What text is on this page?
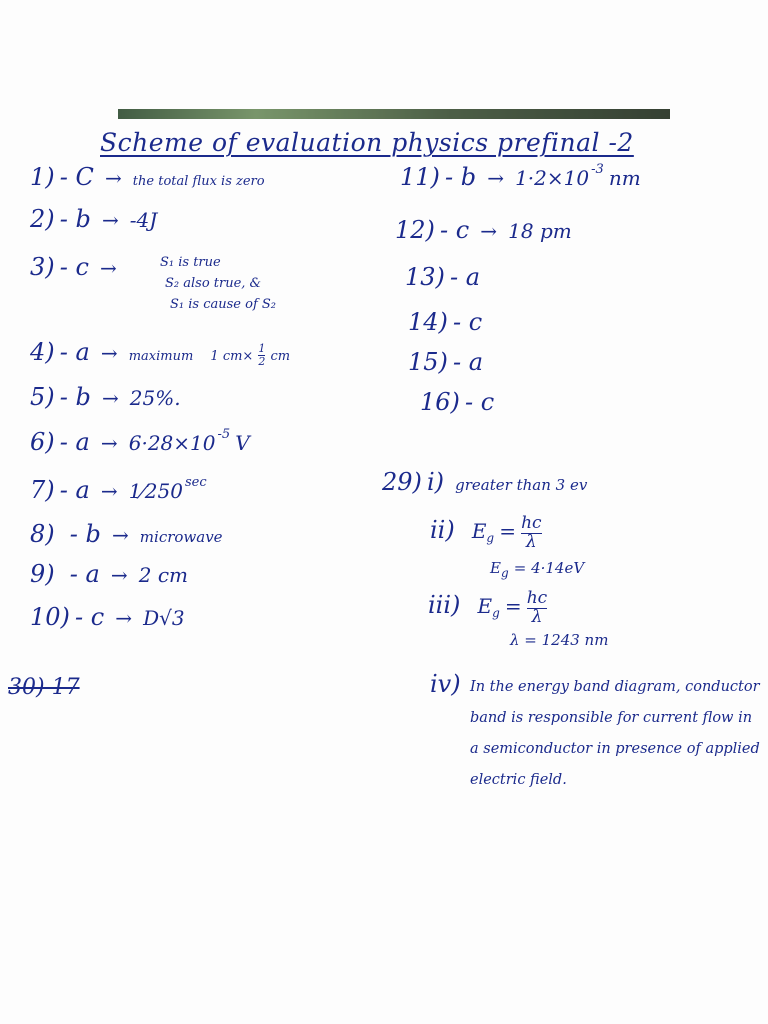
Scheme of evaluation physics prefinal -2
1) - C → the total flux is zero
2) - b → -4J
3) - c →	S₁ is true
S₂ also true, &
S₁ is cause of S₂
4) - a → maximum 1 $cm\times \frac{1}{2}$ cm
5) - b → 25%.
6) - a → 6·28×10 $^{-5}$ V
7) - a → 1⁄250 $^{sec}$
8) - b → microwave
9) - a → 2 cm
10) - c → D√3
30) 17
11) - b → 1·2×10 $^{-3}$ nm
12) - c → 18 pm
13) - a
14) - c
15) - a
16) - c
29) i) greater than 3 ev
ii) $E_g = \frac{hc}{\lambda}$
$E_g = 4\cdot 14eV$
iii) $E_g = \frac{hc}{\lambda}$
λ = 1243 nm
iv) In the energy band diagram, conductor band is responsible for current flow in a semiconductor in presence of applied electric field.
